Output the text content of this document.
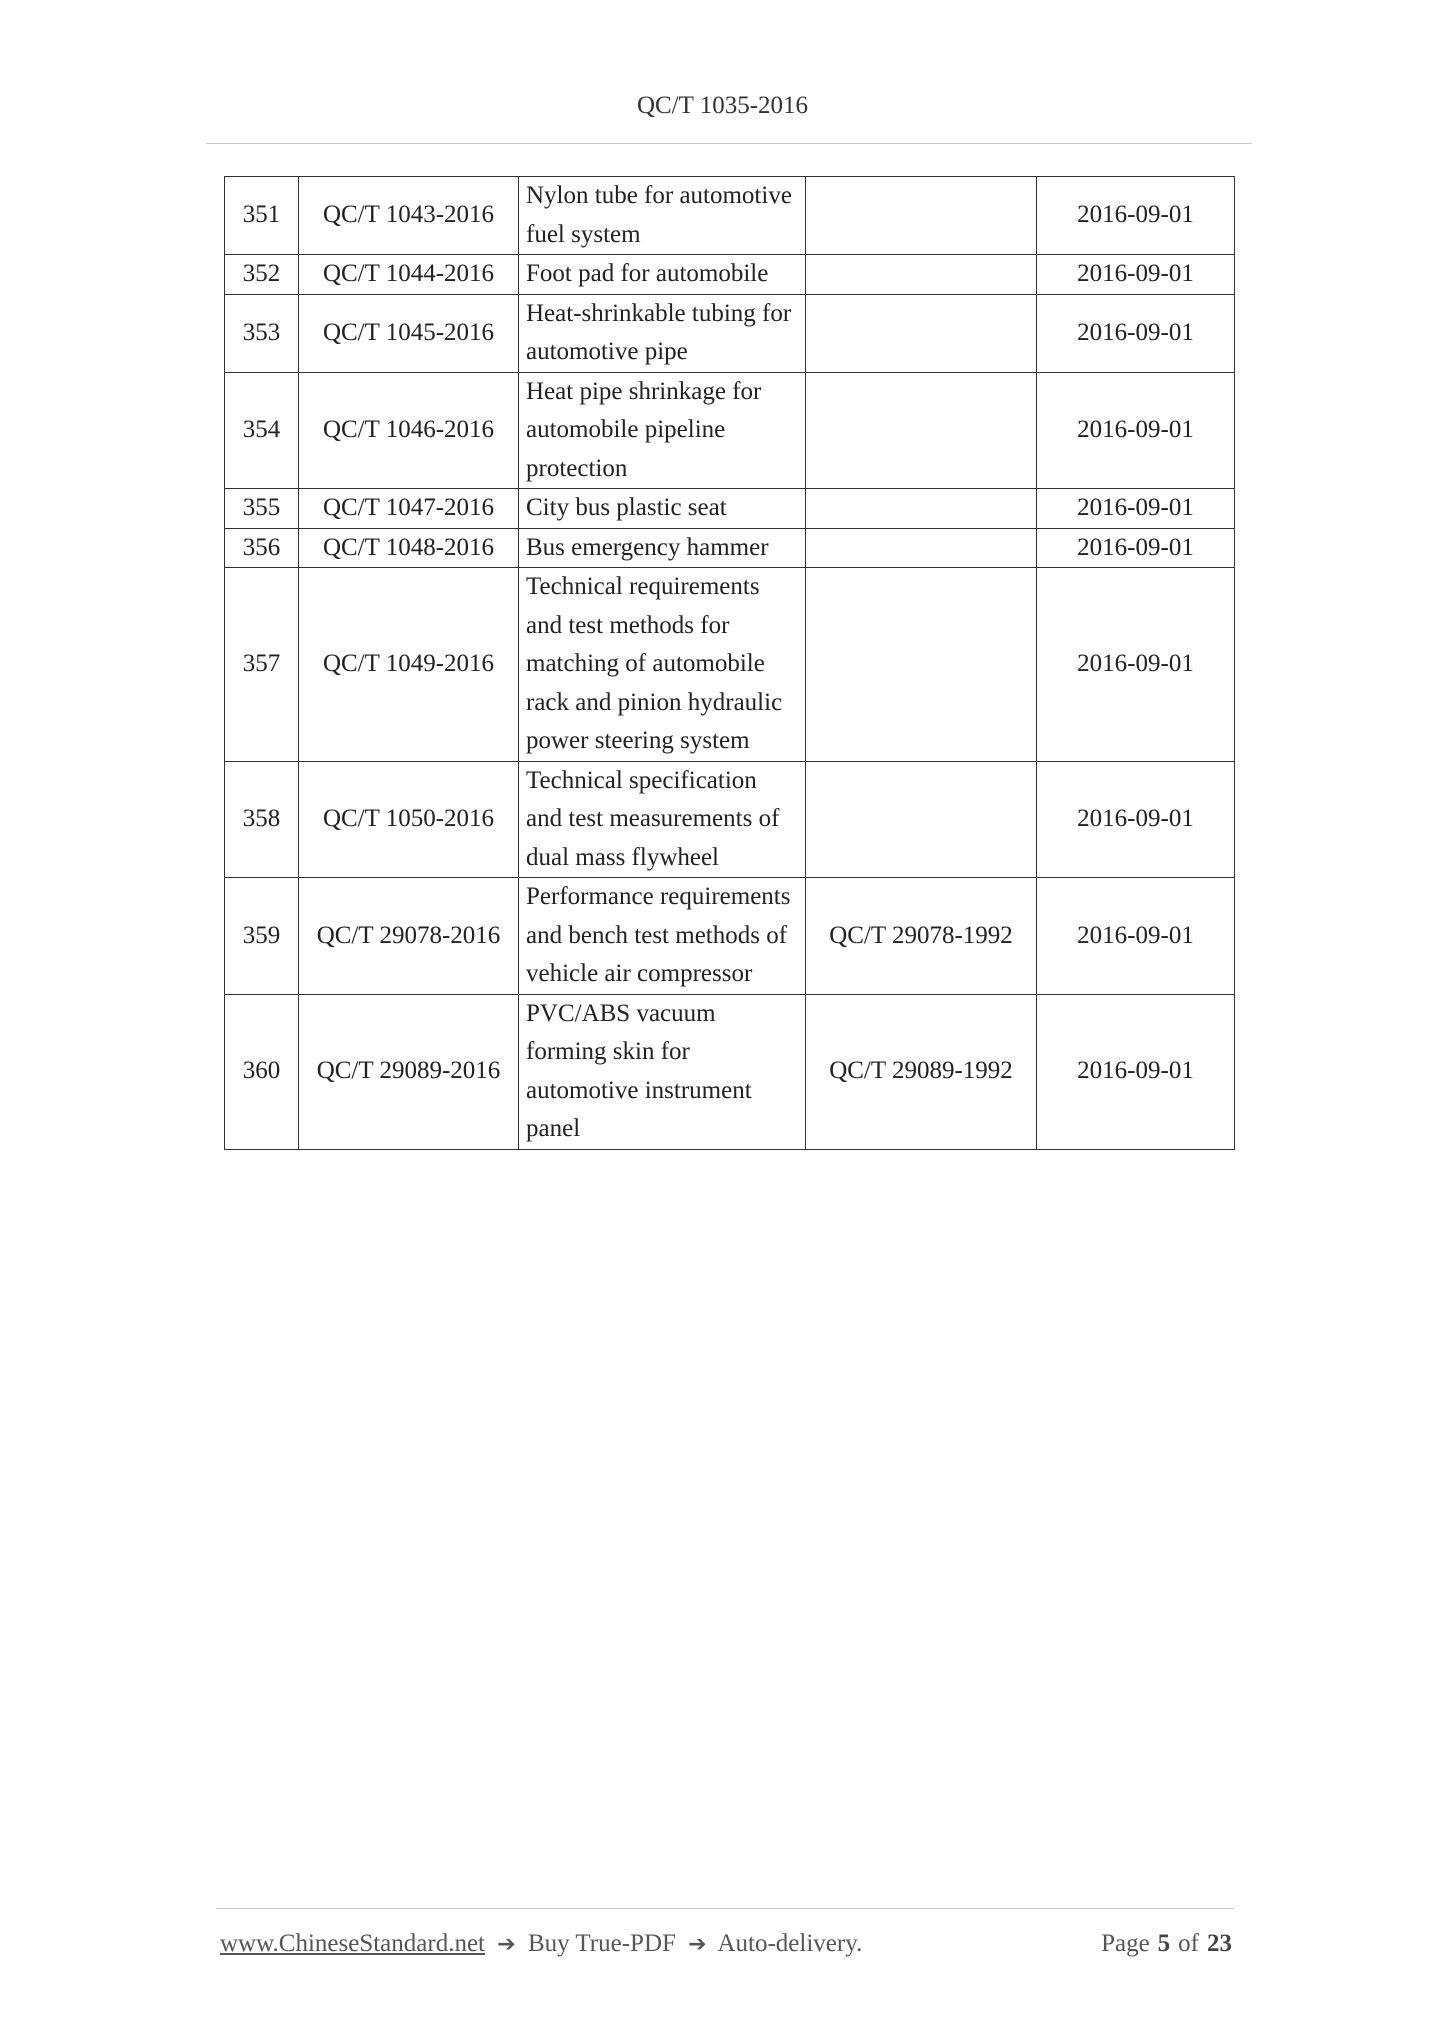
QC/T 1035-2016
351	QC/T 1043-2016	Nylon tube for automotive fuel system		2016-09-01
352	QC/T 1044-2016	Foot pad for automobile		2016-09-01
353	QC/T 1045-2016	Heat-shrinkable tubing for automotive pipe		2016-09-01
354	QC/T 1046-2016	Heat pipe shrinkage for automobile pipeline protection		2016-09-01
355	QC/T 1047-2016	City bus plastic seat		2016-09-01
356	QC/T 1048-2016	Bus emergency hammer		2016-09-01
357	QC/T 1049-2016	Technical requirements and test methods for matching of automobile rack and pinion hydraulic power steering system		2016-09-01
358	QC/T 1050-2016	Technical specification and test measurements of dual mass flywheel		2016-09-01
359	QC/T 29078-2016	Performance requirements and bench test methods of vehicle air compressor	QC/T 29078-1992	2016-09-01
360	QC/T 29089-2016	PVC/ABS vacuum forming skin for automotive instrument panel	QC/T 29089-1992	2016-09-01
www.ChineseStandard.net ➔ Buy True-PDF ➔ Auto-delivery.	Page 5 of 23
